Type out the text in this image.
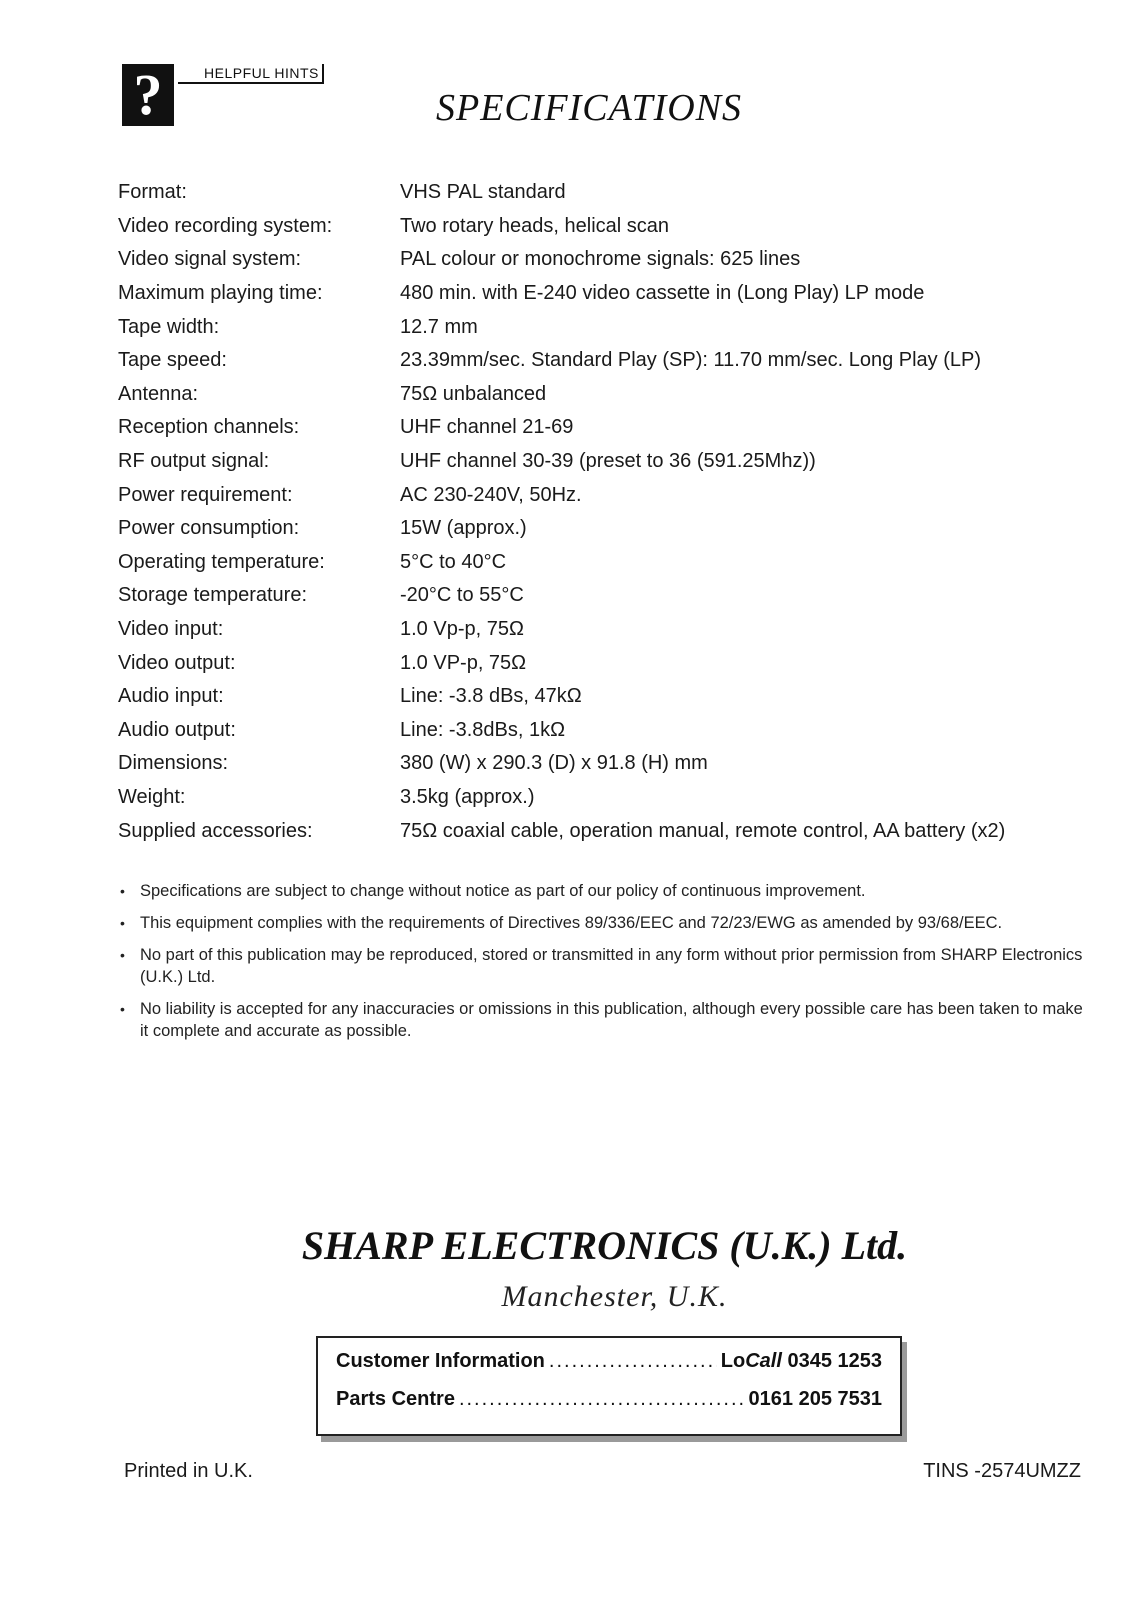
?	HELPFUL HINTS
SPECIFICATIONS
Format:	VHS PAL standard
Video recording system:	Two rotary heads, helical scan
Video signal system:	PAL colour or monochrome signals: 625 lines
Maximum playing time:	480 min. with E-240 video cassette in (Long Play) LP mode
Tape width:	12.7 mm
Tape speed:	23.39mm/sec. Standard Play (SP): 11.70 mm/sec. Long Play (LP)
Antenna:	75Ω unbalanced
Reception channels:	UHF channel 21-69
RF output signal:	UHF channel 30-39 (preset to 36 (591.25Mhz))
Power requirement:	AC 230-240V, 50Hz.
Power consumption:	15W (approx.)
Operating temperature:	5°C to 40°C
Storage temperature:	-20°C to 55°C
Video input:	1.0 Vp-p, 75Ω
Video output:	1.0 VP-p, 75Ω
Audio input:	Line: -3.8 dBs, 47kΩ
Audio output:	Line: -3.8dBs, 1kΩ
Dimensions:	380 (W) x 290.3 (D) x 91.8 (H) mm
Weight:	3.5kg (approx.)
Supplied accessories:	75Ω coaxial cable, operation manual, remote control, AA battery (x2)
• Specifications are subject to change without notice as part of our policy of continuous improvement.
• This equipment complies with the requirements of Directives 89/336/EEC and 72/23/EWG as amended by 93/68/EEC.
• No part of this publication may be reproduced, stored or transmitted in any form without prior permission from SHARP Electronics (U.K.) Ltd.
• No liability is accepted for any inaccuracies or omissions in this publication, although every possible care has been taken to make it complete and accurate as possible.
SHARP ELECTRONICS (U.K.) Ltd.
Manchester, U.K.
Customer Information .....	LoCall 0345 1253
Parts Centre .....	0161 205 7531
Printed in U.K.	TINS -2574UMZZ
